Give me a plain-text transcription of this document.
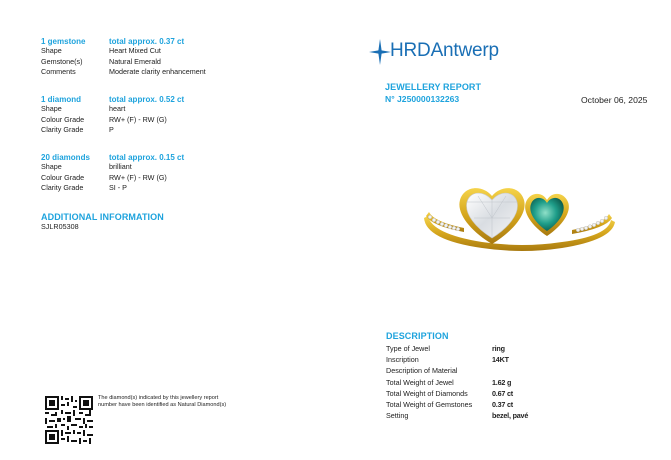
1 gemstone	total approx. 0.37 ct
Shape	Heart Mixed Cut
Gemstone(s)	Natural Emerald
Comments	Moderate clarity enhancement
1 diamond	total approx. 0.52 ct
Shape	heart
Colour Grade	RW+ (F) - RW (G)
Clarity Grade	P
20 diamonds total approx. 0.15 ct
Shape	brilliant
Colour Grade	RW+ (F) - RW (G)
Clarity Grade	SI - P
ADDITIONAL INFORMATION
SJLR05308
The diamond(s) indicated by this jewellery report number have been identified as Natural Diamond(s)
HRDAntwerp
JEWELLERY REPORT
N° J250000132263	October 06, 2025
DESCRIPTION
Type of Jewel	ring
Inscription	14KT
Description of Material
Total Weight of Jewel	1.62 g
Total Weight of Diamonds	0.67 ct
Total Weight of Gemstones	0.37 ct
Setting	bezel, pavé
